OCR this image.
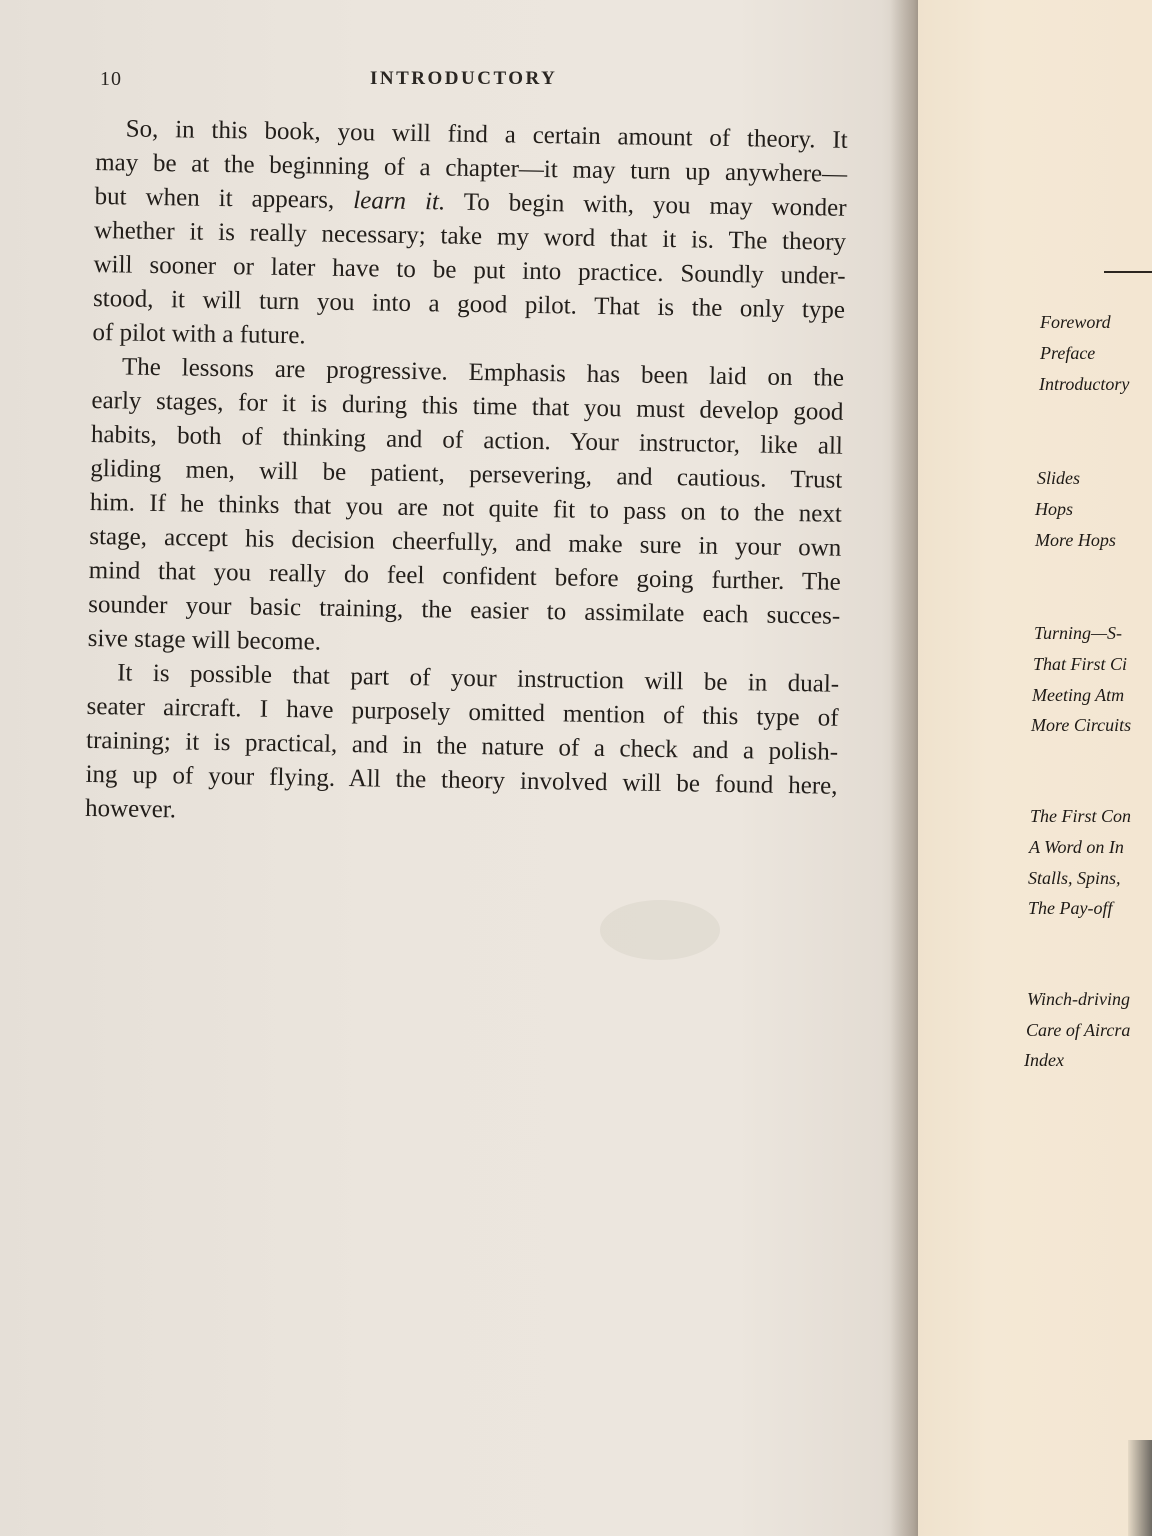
10	INTRODUCTORY
So, in this book, you will find a certain amount of theory. It
may be at the beginning of a chapter—it may turn up anywhere—
but when it appears, learn it. To begin with, you may wonder
whether it is really necessary; take my word that it is. The theory
will sooner or later have to be put into practice. Soundly under-
stood, it will turn you into a good pilot. That is the only type
of pilot with a future.
The lessons are progressive. Emphasis has been laid on the
early stages, for it is during this time that you must develop good
habits, both of thinking and of action. Your instructor, like all
gliding men, will be patient, persevering, and cautious. Trust
him. If he thinks that you are not quite fit to pass on to the next
stage, accept his decision cheerfully, and make sure in your own
mind that you really do feel confident before going further. The
sounder your basic training, the easier to assimilate each succes-
sive stage will become.
It is possible that part of your instruction will be in dual-
seater aircraft. I have purposely omitted mention of this type of
training; it is practical, and in the nature of a check and a polish-
ing up of your flying. All the theory involved will be found here,
however.
Foreword
Preface
Introductory
Slides
Hops
More Hops
Turning—S-
That First Ci
Meeting Atm
More Circuits
The First Con
A Word on In
Stalls, Spins,
The Pay-off
Winch-driving
Care of Aircra
Index
